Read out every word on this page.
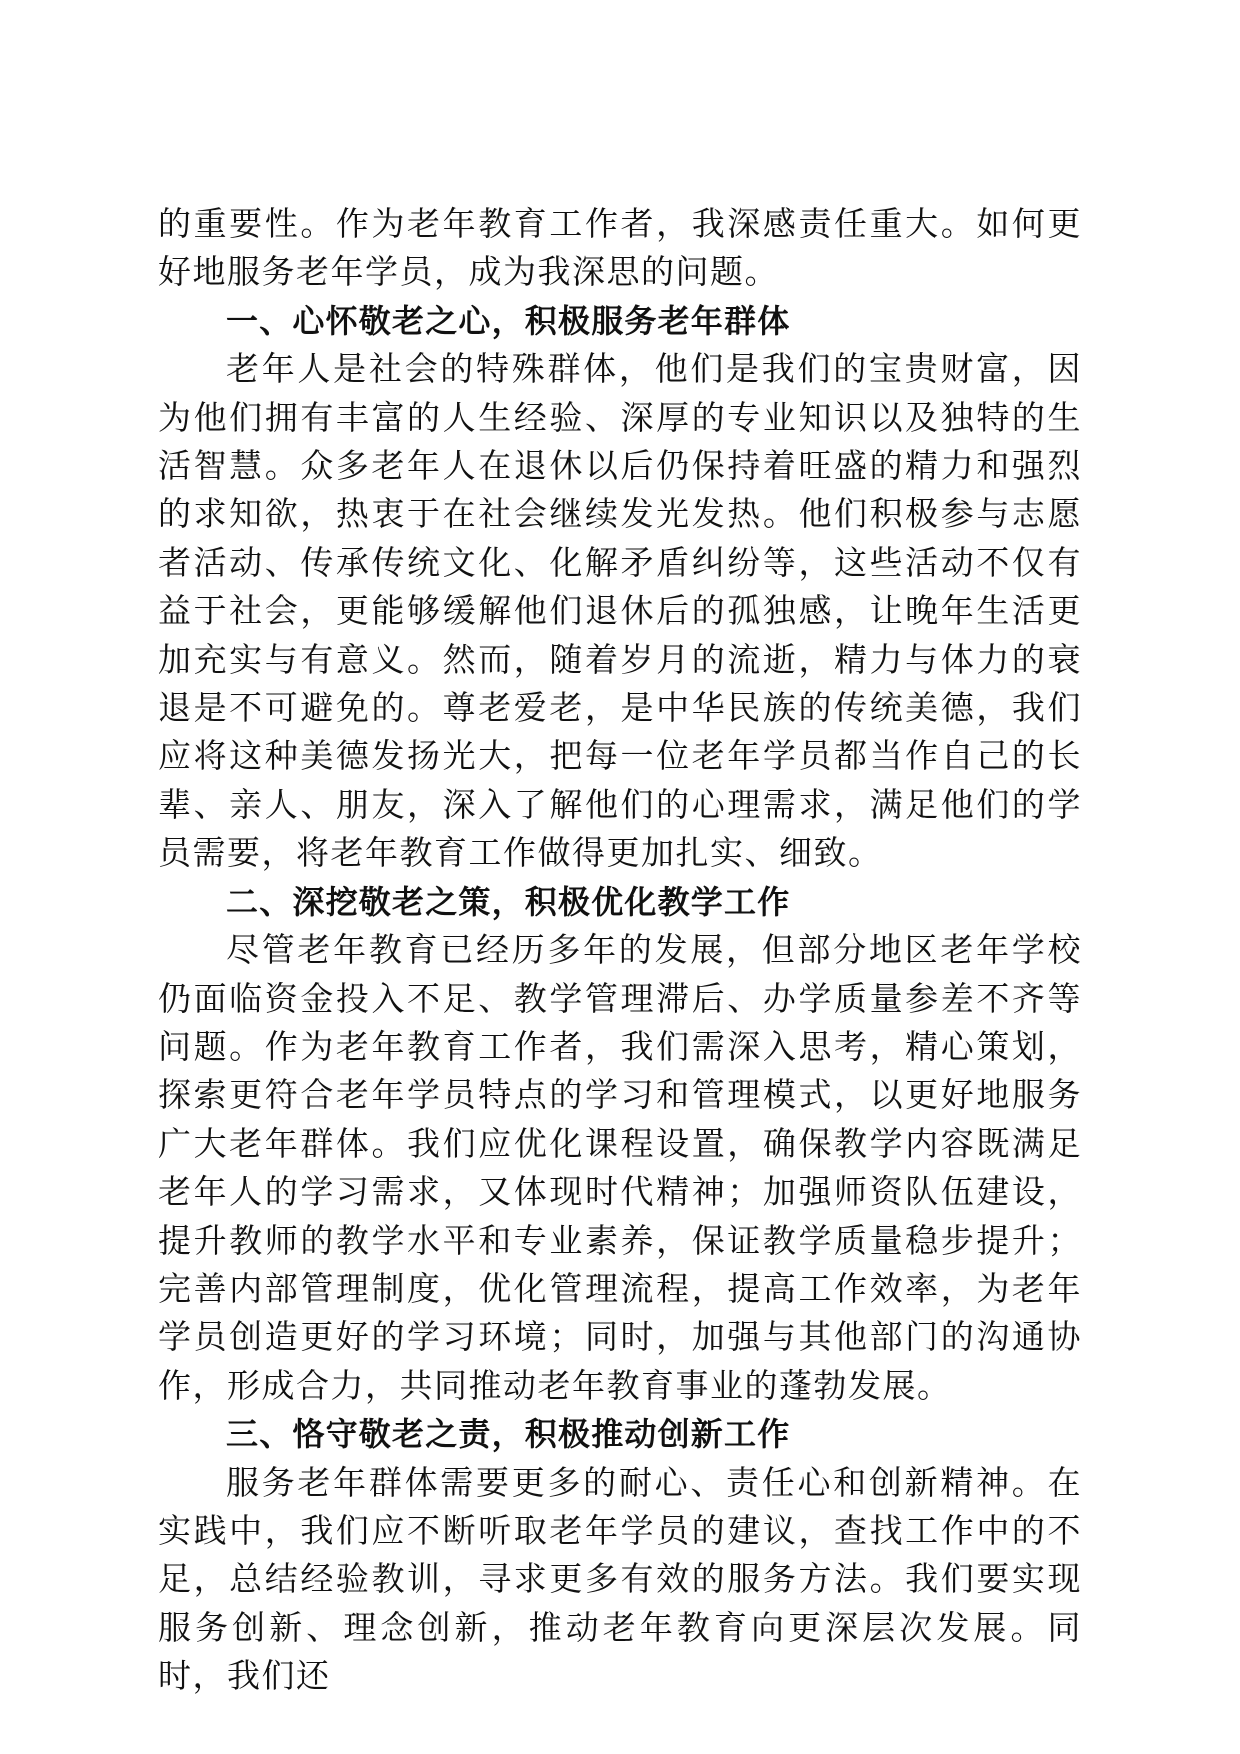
的重要性。作为老年教育工作者，我深感责任重大。如何更好地服务老年学员，成为我深思的问题。

一、心怀敬老之心，积极服务老年群体

老年人是社会的特殊群体，他们是我们的宝贵财富，因为他们拥有丰富的人生经验、深厚的专业知识以及独特的生活智慧。众多老年人在退休以后仍保持着旺盛的精力和强烈的求知欲，热衷于在社会继续发光发热。他们积极参与志愿者活动、传承传统文化、化解矛盾纠纷等，这些活动不仅有益于社会，更能够缓解他们退休后的孤独感，让晚年生活更加充实与有意义。然而，随着岁月的流逝，精力与体力的衰退是不可避免的。尊老爱老，是中华民族的传统美德，我们应将这种美德发扬光大，把每一位老年学员都当作自己的长辈、亲人、朋友，深入了解他们的心理需求，满足他们的学员需要，将老年教育工作做得更加扎实、细致。

二、深挖敬老之策，积极优化教学工作

尽管老年教育已经历多年的发展，但部分地区老年学校仍面临资金投入不足、教学管理滞后、办学质量参差不齐等问题。作为老年教育工作者，我们需深入思考，精心策划，探索更符合老年学员特点的学习和管理模式，以更好地服务广大老年群体。我们应优化课程设置，确保教学内容既满足老年人的学习需求，又体现时代精神；加强师资队伍建设，提升教师的教学水平和专业素养，保证教学质量稳步提升；完善内部管理制度，优化管理流程，提高工作效率，为老年学员创造更好的学习环境；同时，加强与其他部门的沟通协作，形成合力，共同推动老年教育事业的蓬勃发展。

三、恪守敬老之责，积极推动创新工作

服务老年群体需要更多的耐心、责任心和创新精神。在实践中，我们应不断听取老年学员的建议，查找工作中的不足，总结经验教训，寻求更多有效的服务方法。我们要实现服务创新、理念创新，推动老年教育向更深层次发展。同时，我们还
